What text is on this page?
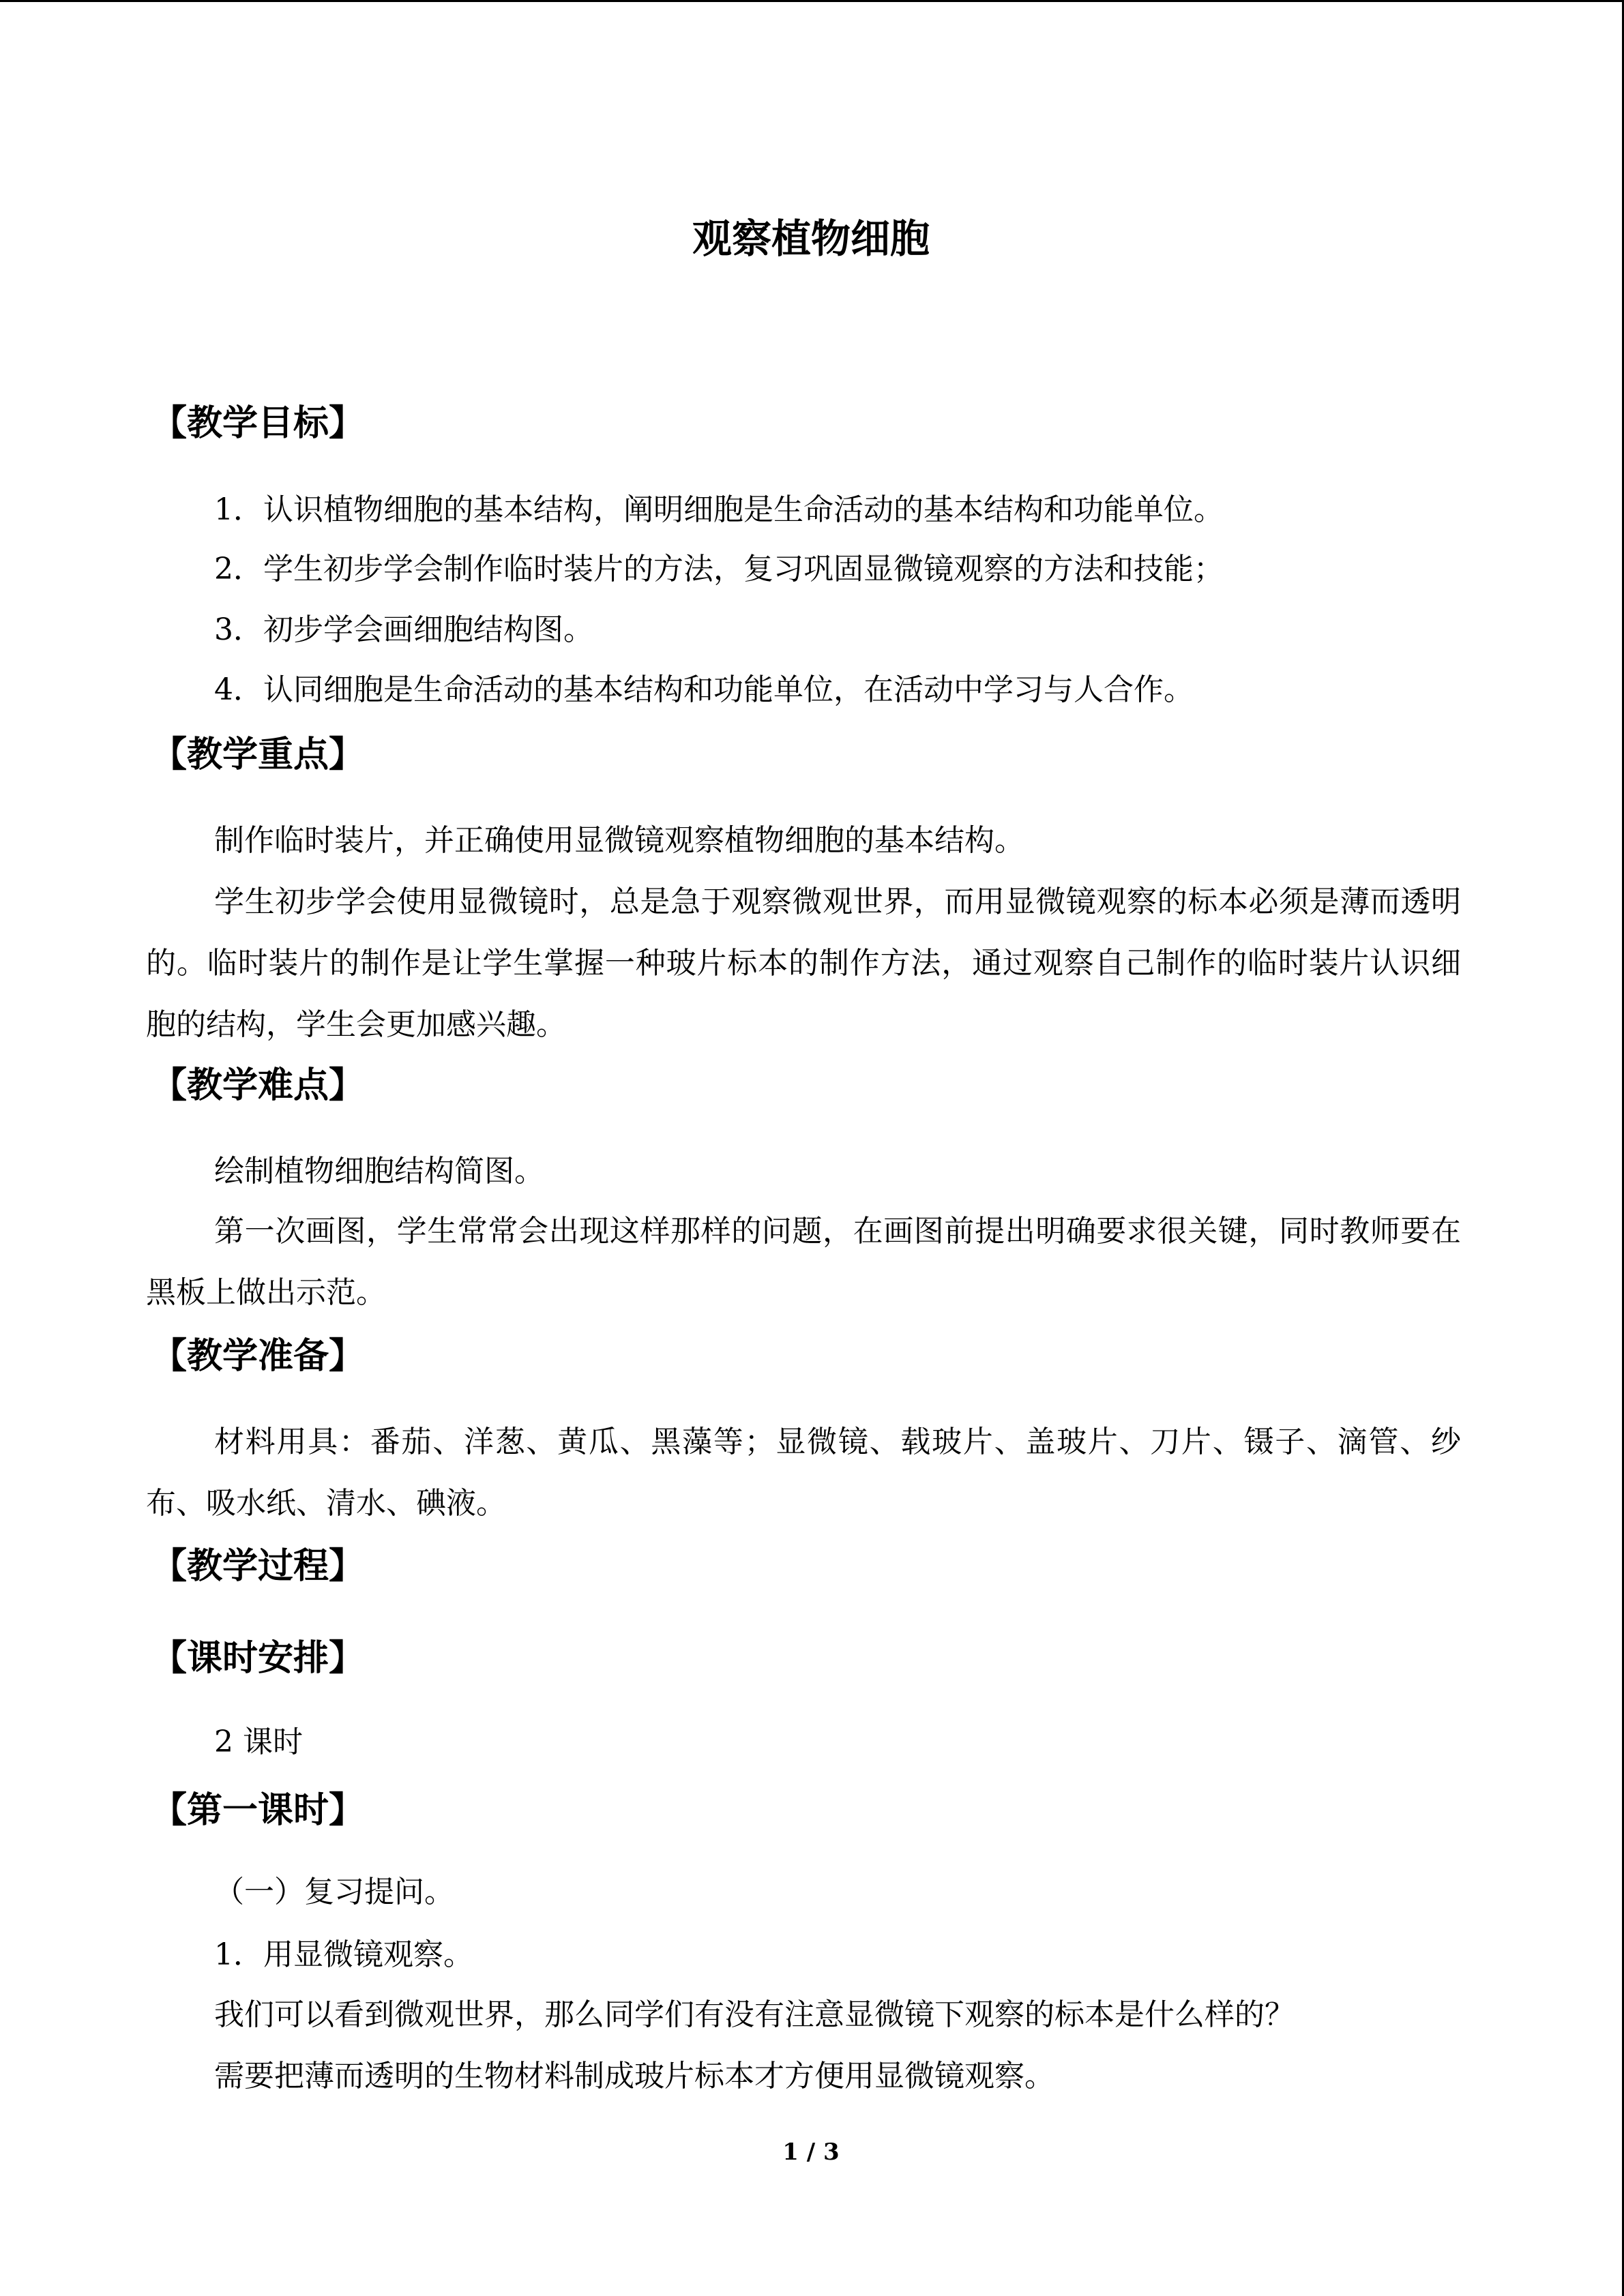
观察植物细胞
【教学目标】
1．认识植物细胞的基本结构，阐明细胞是生命活动的基本结构和功能单位。
2．学生初步学会制作临时装片的方法，复习巩固显微镜观察的方法和技能；
3．初步学会画细胞结构图。
4．认同细胞是生命活动的基本结构和功能单位，在活动中学习与人合作。
【教学重点】
制作临时装片，并正确使用显微镜观察植物细胞的基本结构。
学生初步学会使用显微镜时，总是急于观察微观世界，而用显微镜观察的标本必须是薄而透明的。临时装片的制作是让学生掌握一种玻片标本的制作方法，通过观察自己制作的临时装片认识细胞的结构，学生会更加感兴趣。
【教学难点】
绘制植物细胞结构简图。
第一次画图，学生常常会出现这样那样的问题，在画图前提出明确要求很关键，同时教师要在黑板上做出示范。
【教学准备】
材料用具：番茄、洋葱、黄瓜、黑藻等；显微镜、载玻片、盖玻片、刀片、镊子、滴管、纱布、吸水纸、清水、碘液。
【教学过程】
【课时安排】
2 课时
【第一课时】
（一）复习提问。
1．用显微镜观察。
我们可以看到微观世界，那么同学们有没有注意显微镜下观察的标本是什么样的？
需要把薄而透明的生物材料制成玻片标本才方便用显微镜观察。
1 / 3
